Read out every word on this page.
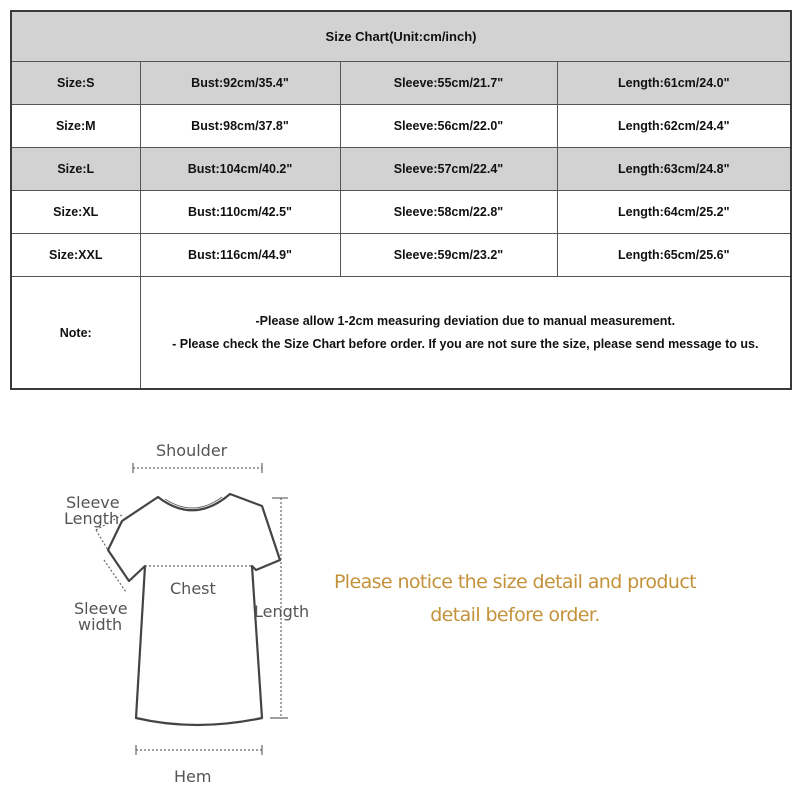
Size Chart(Unit:cm/inch)			
Size:S	Bust:92cm/35.4"	Sleeve:55cm/21.7"	Length:61cm/24.0"
Size:M	Bust:98cm/37.8"	Sleeve:56cm/22.0"	Length:62cm/24.4"
Size:L	Bust:104cm/40.2"	Sleeve:57cm/22.4"	Length:63cm/24.8"
Size:XL	Bust:110cm/42.5"	Sleeve:58cm/22.8"	Length:64cm/25.2"
Size:XXL	Bust:116cm/44.9"	Sleeve:59cm/23.2"	Length:65cm/25.6"
Note:	-Please allow 1-2cm measuring deviation due to manual measurement.

- Please check the Size Chart before order. If you are not sure the size, please send message to us.		

Shoulder
Sleeve
Length
Chest
Sleeve
width
Length
Hem
Please notice the size detail and product
detail before order.
